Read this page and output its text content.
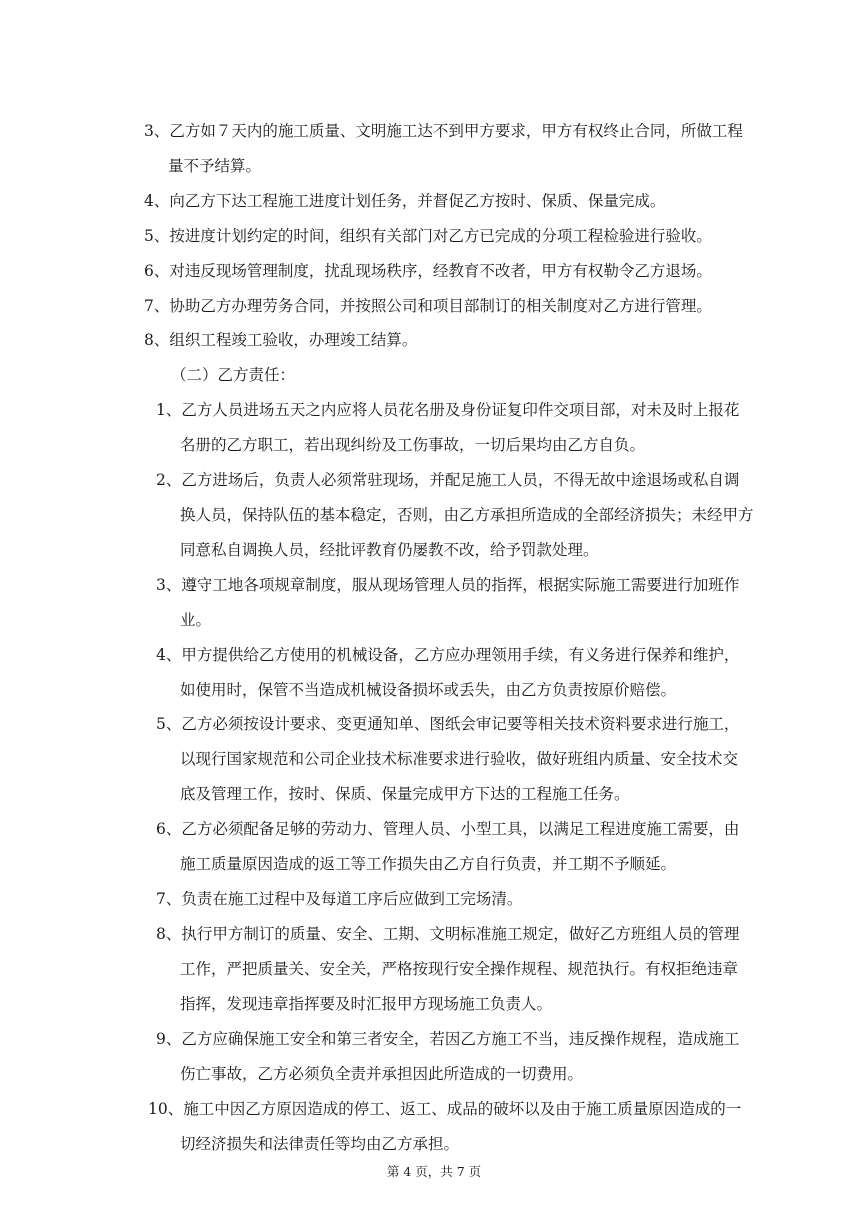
3、乙方如７天内的施工质量、文明施工达不到甲方要求，甲方有权终止合同，所做工程
量不予结算。
4、向乙方下达工程施工进度计划任务，并督促乙方按时、保质、保量完成。
5、按进度计划约定的时间，组织有关部门对乙方已完成的分项工程检验进行验收。
6、对违反现场管理制度，扰乱现场秩序，经教育不改者，甲方有权勒令乙方退场。
7、协助乙方办理劳务合同，并按照公司和项目部制订的相关制度对乙方进行管理。
8、组织工程竣工验收，办理竣工结算。
（二）乙方责任：
1、乙方人员进场五天之内应将人员花名册及身份证复印件交项目部，对未及时上报花
名册的乙方职工，若出现纠纷及工伤事故，一切后果均由乙方自负。
2、乙方进场后，负责人必须常驻现场，并配足施工人员，不得无故中途退场或私自调
换人员，保持队伍的基本稳定，否则，由乙方承担所造成的全部经济损失；未经甲方
同意私自调换人员，经批评教育仍屡教不改，给予罚款处理。
3、遵守工地各项规章制度，服从现场管理人员的指挥，根据实际施工需要进行加班作
业。
4、甲方提供给乙方使用的机械设备，乙方应办理领用手续，有义务进行保养和维护，
如使用时，保管不当造成机械设备损坏或丢失，由乙方负责按原价赔偿。
5、乙方必须按设计要求、变更通知单、图纸会审记要等相关技术资料要求进行施工，
以现行国家规范和公司企业技术标准要求进行验收，做好班组内质量、安全技术交
底及管理工作，按时、保质、保量完成甲方下达的工程施工任务。
6、乙方必须配备足够的劳动力、管理人员、小型工具，以满足工程进度施工需要，由
施工质量原因造成的返工等工作损失由乙方自行负责，并工期不予顺延。
7、负责在施工过程中及每道工序后应做到工完场清。
8、执行甲方制订的质量、安全、工期、文明标准施工规定，做好乙方班组人员的管理
工作，严把质量关、安全关，严格按现行安全操作规程、规范执行。有权拒绝违章
指挥，发现违章指挥要及时汇报甲方现场施工负责人。
9、乙方应确保施工安全和第三者安全，若因乙方施工不当，违反操作规程，造成施工
伤亡事故，乙方必须负全责并承担因此所造成的一切费用。
10、施工中因乙方原因造成的停工、返工、成品的破坏以及由于施工质量原因造成的一
切经济损失和法律责任等均由乙方承担。
第 4 页，共 7 页
